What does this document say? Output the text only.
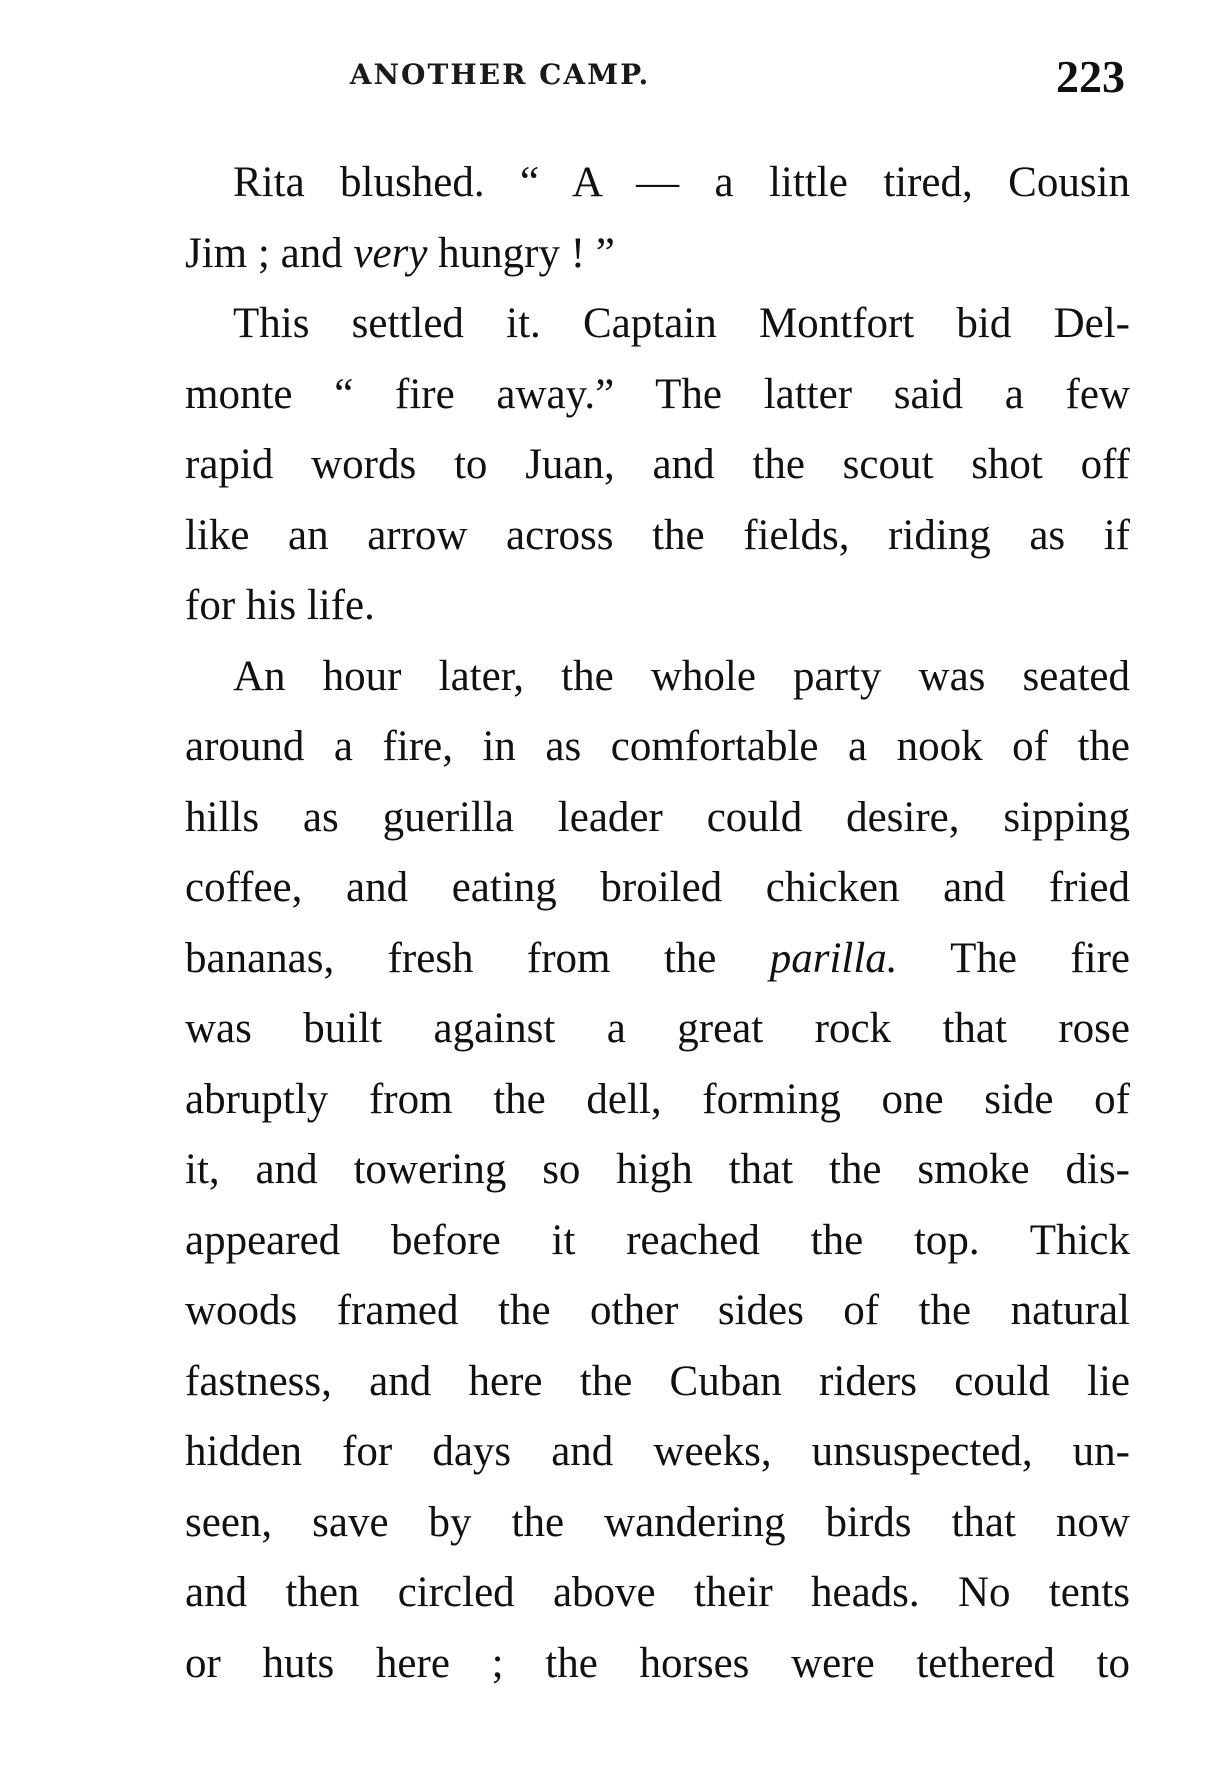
ANOTHER CAMP.	223
Rita blushed. “ A — a little tired, Cousin
Jim ; and very hungry ! ”
This settled it. Captain Montfort bid Del-
monte “ fire away.” The latter said a few
rapid words to Juan, and the scout shot off
like an arrow across the fields, riding as if
for his life.
An hour later, the whole party was seated
around a fire, in as comfortable a nook of the
hills as guerilla leader could desire, sipping
coffee, and eating broiled chicken and fried
bananas, fresh from the parilla. The fire
was built against a great rock that rose
abruptly from the dell, forming one side of
it, and towering so high that the smoke dis-
appeared before it reached the top. Thick
woods framed the other sides of the natural
fastness, and here the Cuban riders could lie
hidden for days and weeks, unsuspected, un-
seen, save by the wandering birds that now
and then circled above their heads. No tents
or huts here ; the horses were tethered to
